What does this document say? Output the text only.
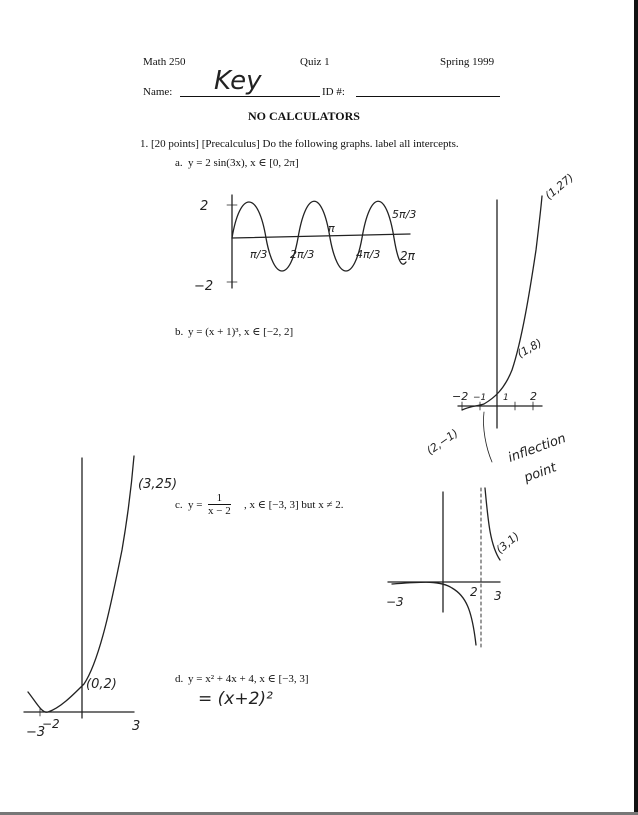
Math 250	Quiz 1	Spring 1999
Name: Key	ID #:
NO CALCULATORS
1. [20 points] [Precalculus] Do the following graphs. label all intercepts.
a. y = 2 sin(3x), x ∈ [0, 2π]
b. y = (x + 1)³, x ∈ [−2, 2]
c. $y = \frac{1}{x - 2}$ , x ∈ [−3, 3] but x ≠ 2.
d. y = x² + 4x + 4, x ∈ [−3, 3]
= (x+2)²
2
−2
π/3 2π/3
π
4π/3
5π/3
2π
(1,27)
(1,8)
(2,−1)
−2 −1 1 2
inflection
point
(3,1)
−3
2 3
(3,25)
(0,2)
−3
−2	3
